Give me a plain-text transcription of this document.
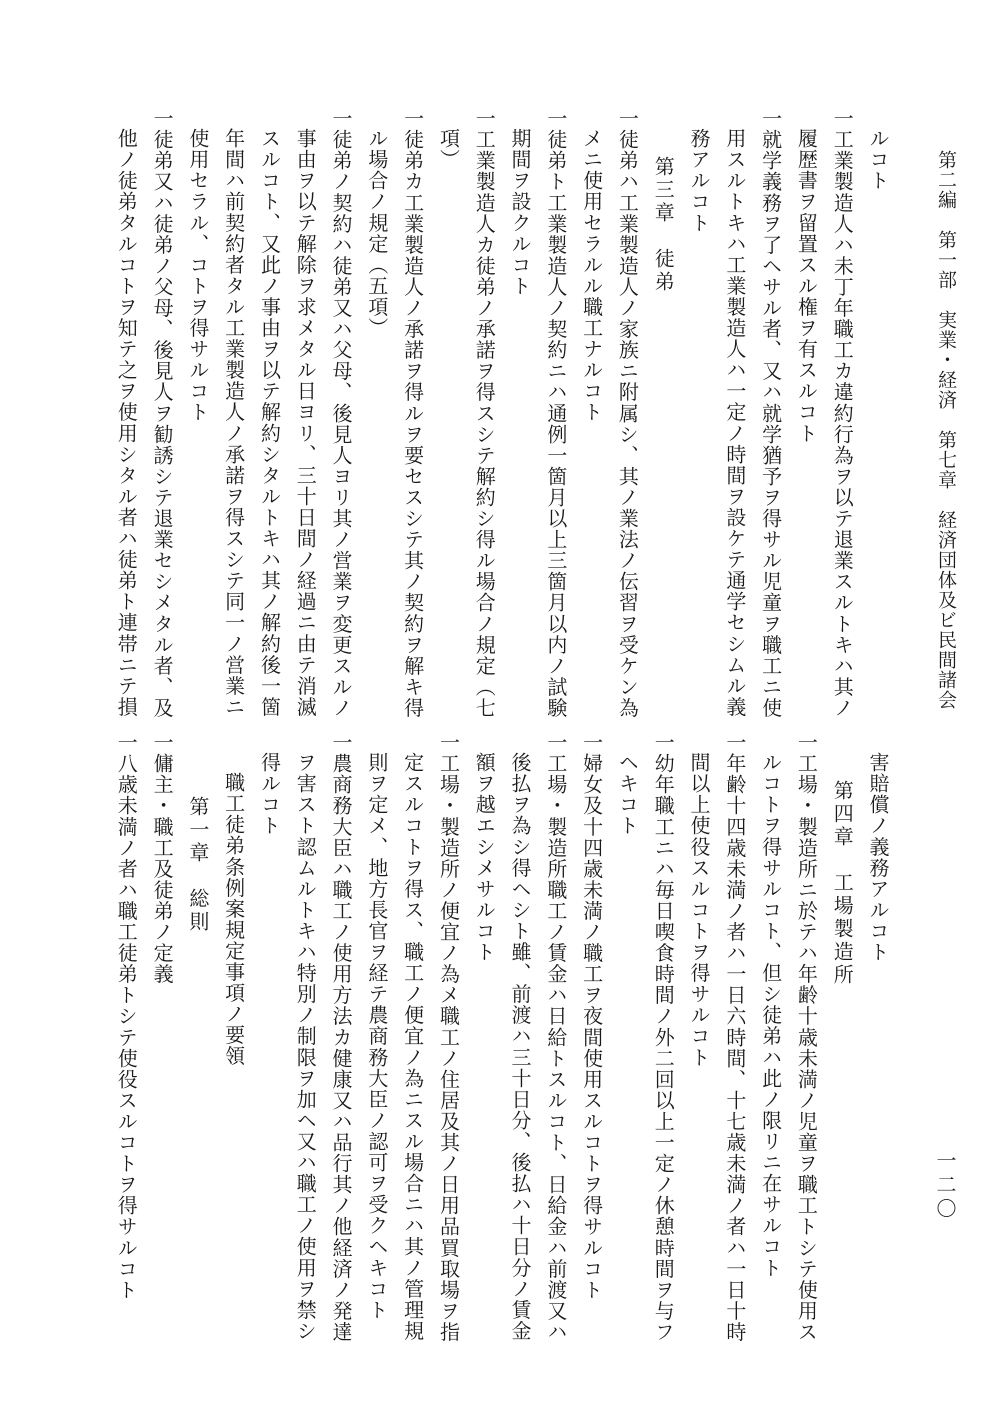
第二編　第一部　実業・経済　第七章　経済団体及ビ民間諸会
一二〇

ルコト

一工業製造人ハ未丁年職工カ違約行為ヲ以テ退業スルトキハ其ノ

履歴書ヲ留置スル権ヲ有スルコト

一就学義務ヲ了ヘサル者、又ハ就学猶予ヲ得サル児童ヲ職工ニ使

用スルトキハ工業製造人ハ一定ノ時間ヲ設ケテ通学セシムル義

務アルコト

第三章　徒弟

一徒弟ハ工業製造人ノ家族ニ附属シ、其ノ業法ノ伝習ヲ受ケン為

メニ使用セラルル職工ナルコト

一徒弟ト工業製造人ノ契約ニハ通例一箇月以上三箇月以内ノ試験

期間ヲ設クルコト

一工業製造人カ徒弟ノ承諾ヲ得スシテ解約シ得ル場合ノ規定（七

項）

一徒弟カ工業製造人ノ承諾ヲ得ルヲ要セスシテ其ノ契約ヲ解キ得

ル場合ノ規定（五項）

一徒弟ノ契約ハ徒弟又ハ父母、後見人ヨリ其ノ営業ヲ変更スルノ

事由ヲ以テ解除ヲ求メタル日ヨリ、三十日間ノ経過ニ由テ消滅

スルコト、又此ノ事由ヲ以テ解約シタルトキハ其ノ解約後一箇

年間ハ前契約者タル工業製造人ノ承諾ヲ得スシテ同一ノ営業ニ

使用セラル、コトヲ得サルコト

一徒弟又ハ徒弟ノ父母、後見人ヲ勧誘シテ退業セシメタル者、及

他ノ徒弟タルコトヲ知テ之ヲ使用シタル者ハ徒弟ト連帯ニテ損

害賠償ノ義務アルコト

第四章　工場製造所

一工場・製造所ニ於テハ年齢十歳未満ノ児童ヲ職工トシテ使用ス

ルコトヲ得サルコト、但シ徒弟ハ此ノ限リニ在サルコト

一年齢十四歳未満ノ者ハ一日六時間、十七歳未満ノ者ハ一日十時

間以上使役スルコトヲ得サルコト

一幼年職工ニハ毎日喫食時間ノ外二回以上一定ノ休憩時間ヲ与フ

ヘキコト

一婦女及十四歳未満ノ職工ヲ夜間使用スルコトヲ得サルコト

一工場・製造所職工ノ賃金ハ日給トスルコト、日給金ハ前渡又ハ

後払ヲ為シ得ヘシト雖、前渡ハ三十日分、後払ハ十日分ノ賃金

額ヲ越エシメサルコト

一工場・製造所ノ便宜ノ為メ職工ノ住居及其ノ日用品買取場ヲ指

定スルコトヲ得ス、職工ノ便宜ノ為ニスル場合ニハ其ノ管理規

則ヲ定メ、地方長官ヲ経テ農商務大臣ノ認可ヲ受クヘキコト

一農商務大臣ハ職工ノ使用方法カ健康又ハ品行其ノ他経済ノ発達

ヲ害スト認ムルトキハ特別ノ制限ヲ加ヘ又ハ職工ノ使用ヲ禁シ

得ルコト

職工徒弟条例案規定事項ノ要領

第一章　総則

一傭主・職工及徒弟ノ定義

一八歳未満ノ者ハ職工徒弟トシテ使役スルコトヲ得サルコト
